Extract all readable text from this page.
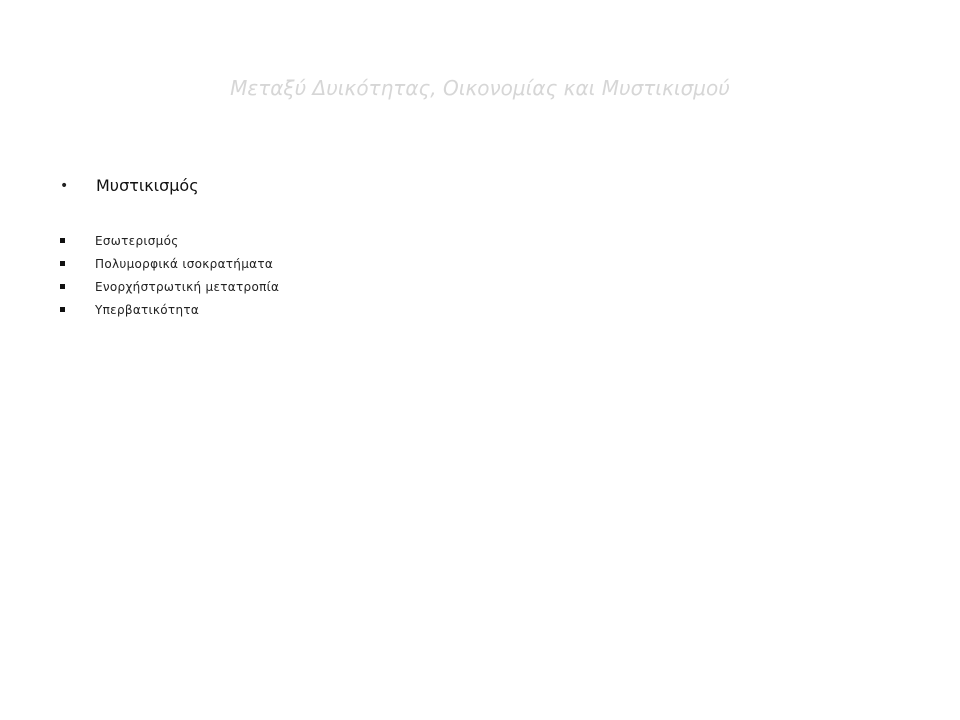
Μεταξύ Δυικότητας, Οικονομίας και Μυστικισμού
•	Μυστικισμός
Εσωτερισμός
Πολυμορφικά ισοκρατήματα
Ενορχήστρωτική μετατροπία
Υπερβατικότητα
